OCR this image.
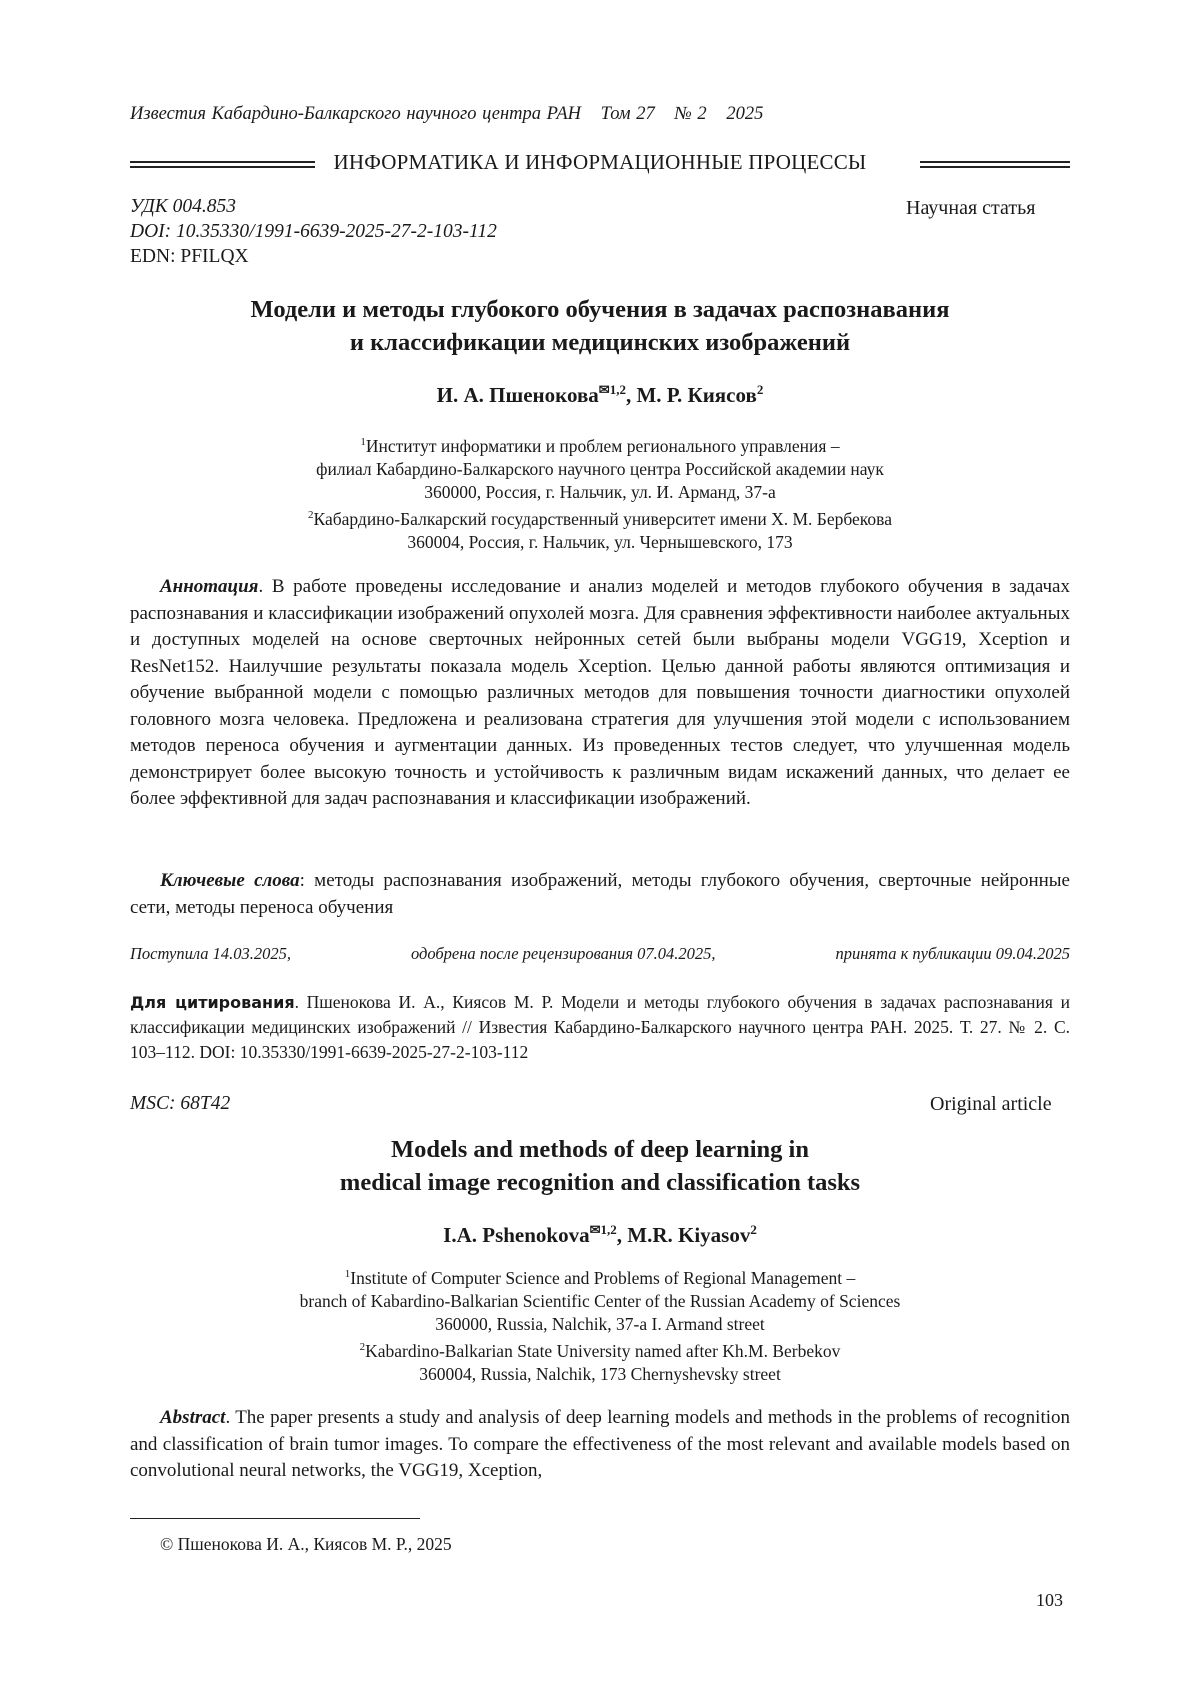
Известия Кабардино-Балкарского научного центра РАН Том 27 № 2 2025
ИНФОРМАТИКА И ИНФОРМАЦИОННЫЕ ПРОЦЕССЫ
УДК 004.853
DOI: 10.35330/1991-6639-2025-27-2-103-112
EDN: PFILQX
Научная статья
Модели и методы глубокого обучения в задачах распознавания
и классификации медицинских изображений
И. А. Пшенокова$^{✉1,2}$, М. Р. Киясов$^2$
$^1$Институт информатики и проблем регионального управления –
филиал Кабардино-Балкарского научного центра Российской академии наук
360000, Россия, г. Нальчик, ул. И. Арманд, 37-а
$^2$Кабардино-Балкарский государственный университет имени Х. М. Бербекова
360004, Россия, г. Нальчик, ул. Чернышевского, 173
Аннотация. В работе проведены исследование и анализ моделей и методов глубокого обучения в задачах распознавания и классификации изображений опухолей мозга. Для сравнения эффективности наиболее актуальных и доступных моделей на основе сверточных нейронных сетей были выбраны модели VGG19, Xception и ResNet152. Наилучшие результаты показала модель Xception. Целью данной работы являются оптимизация и обучение выбранной модели с помощью различных методов для повышения точности диагностики опухолей головного мозга человека. Предложена и реализована стратегия для улучшения этой модели с использованием методов переноса обучения и аугментации данных. Из проведенных тестов следует, что улучшенная модель демонстрирует более высокую точность и устойчивость к различным видам искажений данных, что делает ее более эффективной для задач распознавания и классификации изображений.
Ключевые слова: методы распознавания изображений, методы глубокого обучения, сверточные нейронные сети, методы переноса обучения
Поступила 14.03.2025,	одобрена после рецензирования 07.04.2025,	принята к публикации 09.04.2025
Для цитирования. Пшенокова И. А., Киясов М. Р. Модели и методы глубокого обучения в задачах распознавания и классификации медицинских изображений // Известия Кабардино-Балкарского научного центра РАН. 2025. Т. 27. № 2. С. 103–112. DOI: 10.35330/1991-6639-2025-27-2-103-112
MSC: 68T42	Original article
Models and methods of deep learning in
medical image recognition and classification tasks
I.A. Pshenokova$^{✉1,2}$, M.R. Kiyasov$^2$
$^1$Institute of Computer Science and Problems of Regional Management –
branch of Kabardino-Balkarian Scientific Center of the Russian Academy of Sciences
360000, Russia, Nalchik, 37-a I. Armand street
$^2$Kabardino-Balkarian State University named after Kh.M. Berbekov
360004, Russia, Nalchik, 173 Chernyshevsky street
Abstract. The paper presents a study and analysis of deep learning models and methods in the problems of recognition and classification of brain tumor images. To compare the effectiveness of the most relevant and available models based on convolutional neural networks, the VGG19, Xception,
© Пшенокова И. А., Киясов М. Р., 2025
103
